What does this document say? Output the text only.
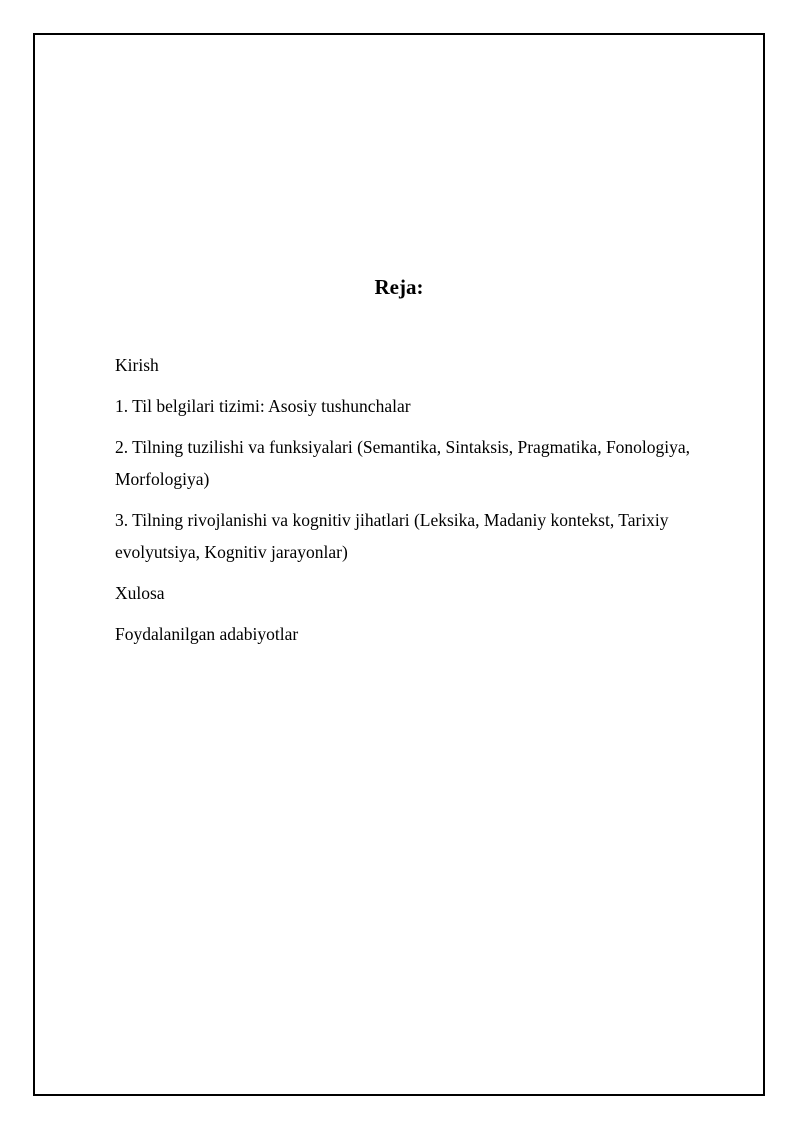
Reja:
Kirish
1. Til belgilari tizimi: Asosiy tushunchalar
2. Tilning tuzilishi va funksiyalari (Semantika, Sintaksis, Pragmatika, Fonologiya, Morfologiya)
3. Tilning rivojlanishi va kognitiv jihatlari (Leksika, Madaniy kontekst, Tarixiy evolyutsiya, Kognitiv jarayonlar)
Xulosa
Foydalanilgan adabiyotlar
